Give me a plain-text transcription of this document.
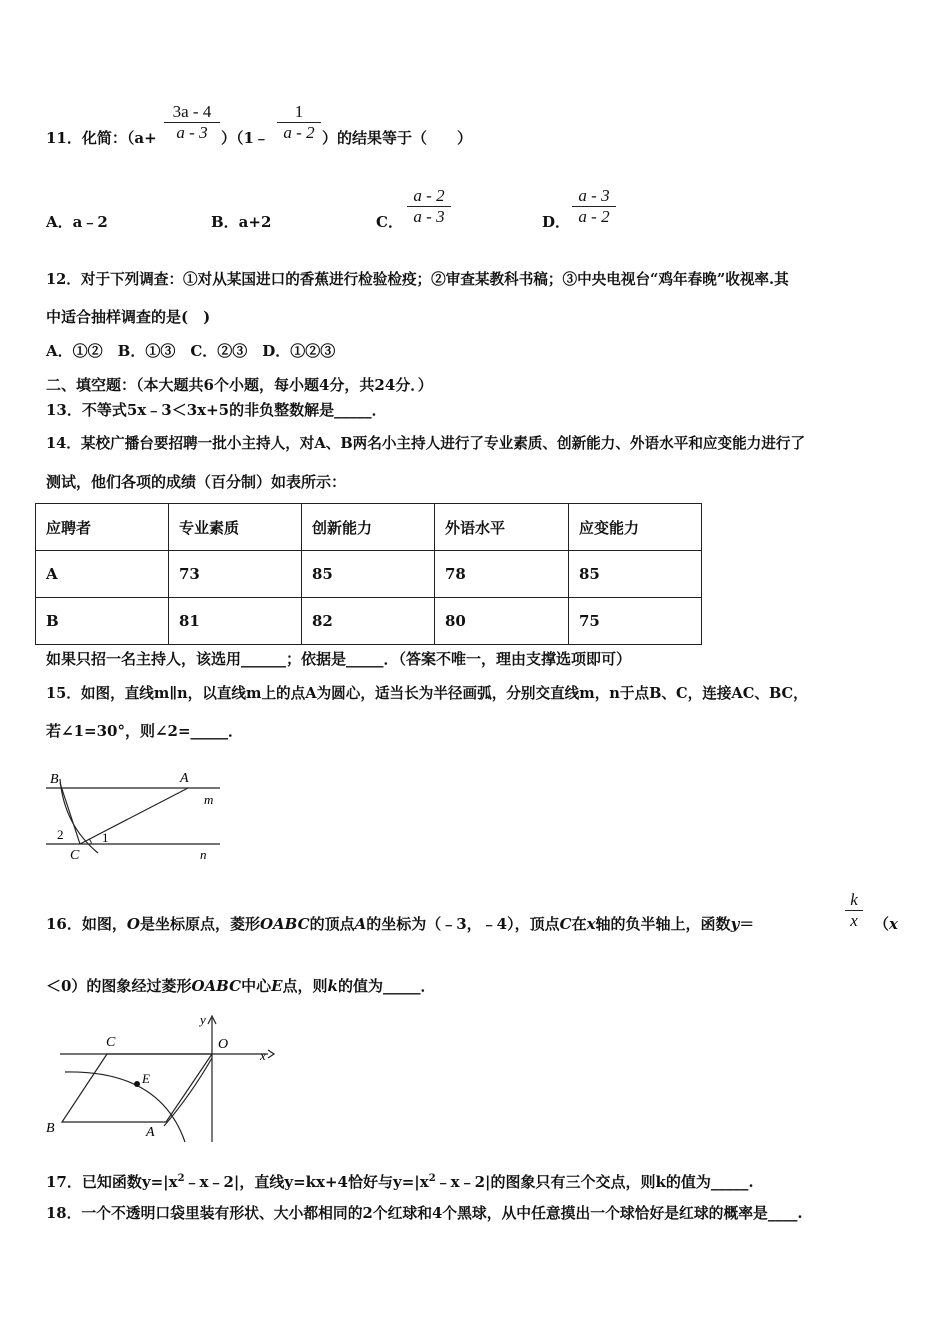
11．化简：（a+
3a - 4
a - 3 ）（1﹣
1
a - 2 ）的结果等于（　　）
A．a﹣2	B．a+2	C．
a - 2
a - 3	D．
a - 3
a - 2
12．对于下列调查：①对从某国进口的香蕉进行检验检疫；②审查某教科书稿；③中央电视台“鸡年春晚”收视率.其
中适合抽样调查的是(　)
A．①②　B．①③　C．②③　D．①②③
二、填空题：（本大题共6个小题，每小题4分，共24分．）
13．不等式5x﹣3＜3x+5的非负整数解是_____．
14．某校广播台要招聘一批小主持人，对A、B两名小主持人进行了专业素质、创新能力、外语水平和应变能力进行了
测试，他们各项的成绩（百分制）如表所示：
应聘者	专业素质	创新能力	外语水平	应变能力
A	73	85	78	85
B	81	82	80	75
如果只招一名主持人，该选用______；依据是_____．（答案不唯一，理由支撑选项即可）
15．如图，直线m∥n，以直线m上的点A为圆心，适当长为半径画弧，分别交直线m，n于点B、C，连接AC、BC，
若∠1=30°，则∠2=_____．
B	A
m
n
C
1
2
16．如图，O是坐标原点，菱形OABC的顶点A的坐标为（﹣3，﹣4），顶点C在x轴的负半轴上，函数y＝
k
x	（x
＜0）的图象经过菱形OABC中心E点，则k的值为_____．
y
O
x
C
E
B	A
17．已知函数$y=|x^2﹣x﹣2|$，直线y=kx+4恰好与$y=|x^2﹣x﹣2|$的图象只有三个交点，则k的值为_____.
18．一个不透明口袋里装有形状、大小都相同的2个红球和4个黑球，从中任意摸出一个球恰好是红球的概率是____.
